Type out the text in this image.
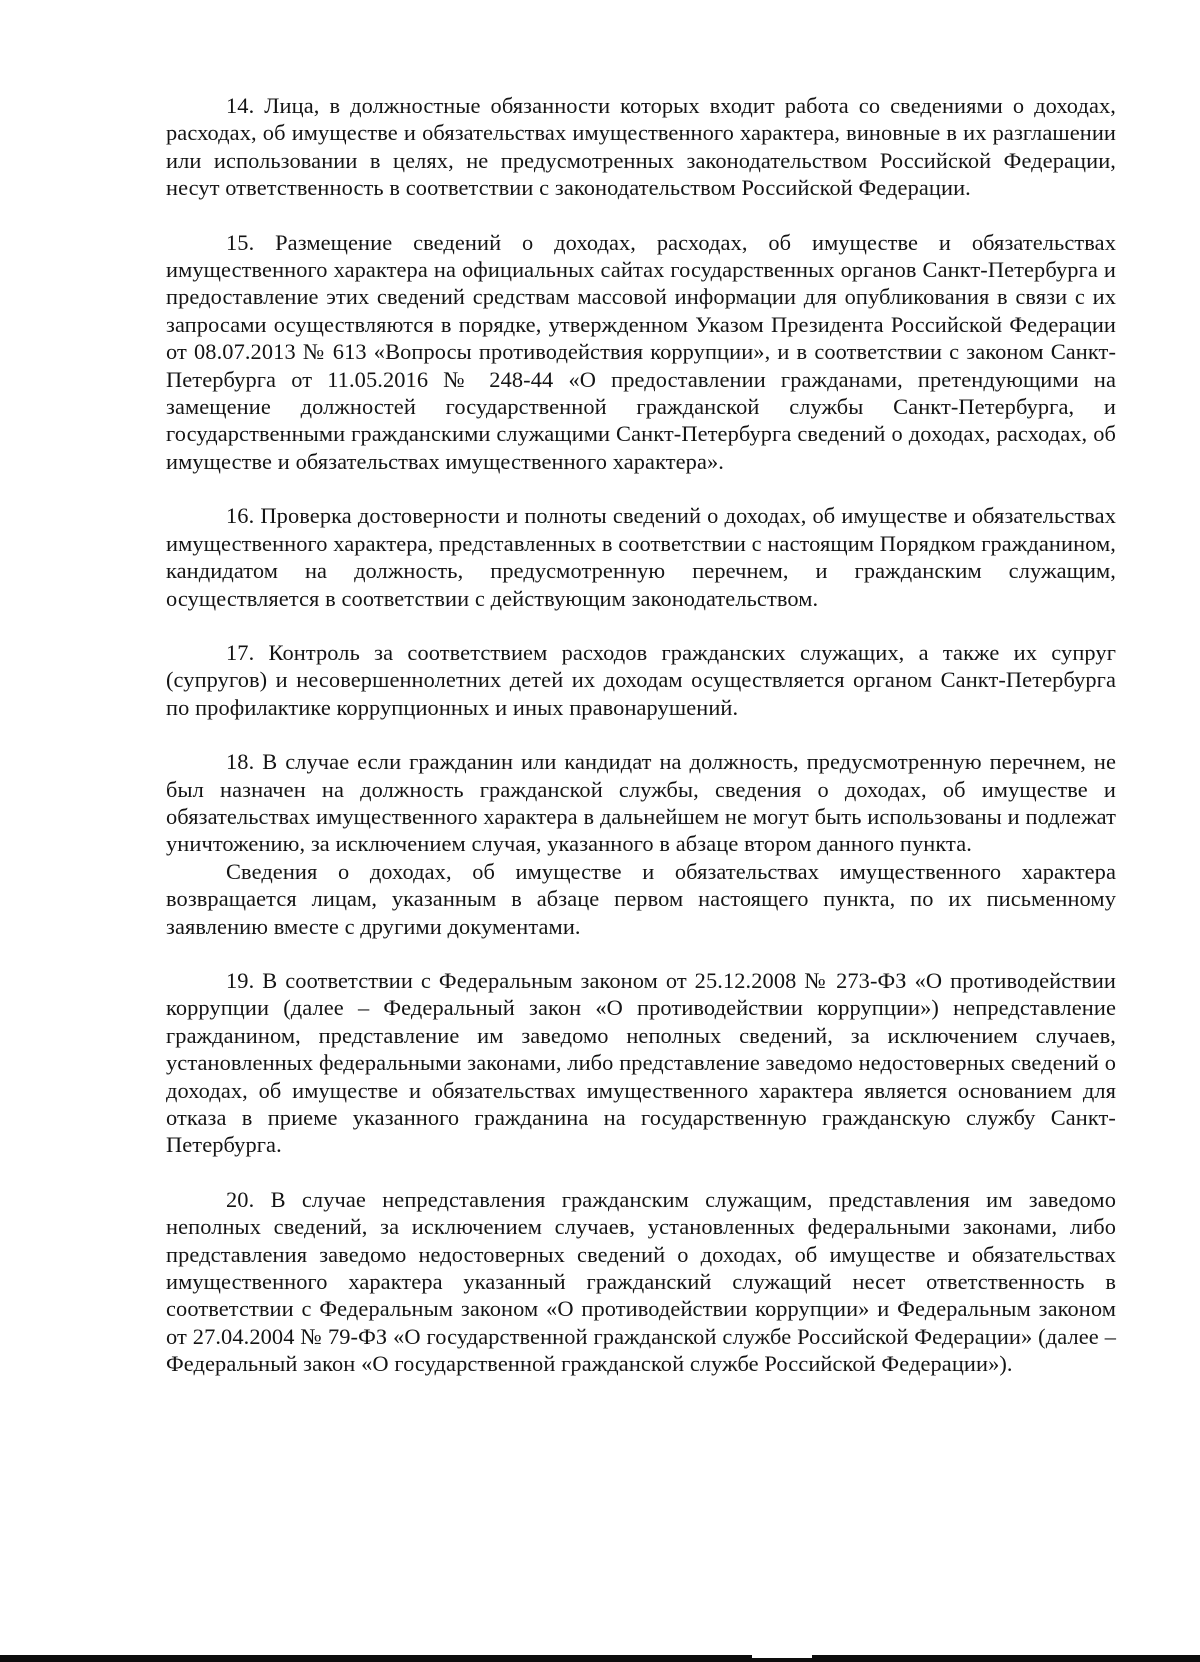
14. Лица, в должностные обязанности которых входит работа со сведениями о доходах, расходах, об имуществе и обязательствах имущественного характера, виновные в их разглашении или использовании в целях, не предусмотренных законодательством Российской Федерации, несут ответственность в соответствии с законодательством Российской Федерации.

15. Размещение сведений о доходах, расходах, об имуществе и обязательствах имущественного характера на официальных сайтах государственных органов Санкт-Петербурга и предоставление этих сведений средствам массовой информации для опубликования в связи с их запросами осуществляются в порядке, утвержденном Указом Президента Российской Федерации от 08.07.2013 № 613 «Вопросы противодействия коррупции», и в соответствии с законом Санкт-Петербурга от 11.05.2016 № 248-44 «О предоставлении гражданами, претендующими на замещение должностей государственной гражданской службы Санкт-Петербурга, и государственными гражданскими служащими Санкт-Петербурга сведений о доходах, расходах, об имуществе и обязательствах имущественного характера».

16. Проверка достоверности и полноты сведений о доходах, об имуществе и обязательствах имущественного характера, представленных в соответствии с настоящим Порядком гражданином, кандидатом на должность, предусмотренную перечнем, и гражданским служащим, осуществляется в соответствии с действующим законодательством.

17. Контроль за соответствием расходов гражданских служащих, а также их супруг (супругов) и несовершеннолетних детей их доходам осуществляется органом Санкт-Петербурга по профилактике коррупционных и иных правонарушений.

18. В случае если гражданин или кандидат на должность, предусмотренную перечнем, не был назначен на должность гражданской службы, сведения о доходах, об имуществе и обязательствах имущественного характера в дальнейшем не могут быть использованы и подлежат уничтожению, за исключением случая, указанного в абзаце втором данного пункта.

Сведения о доходах, об имуществе и обязательствах имущественного характера возвращается лицам, указанным в абзаце первом настоящего пункта, по их письменному заявлению вместе с другими документами.

19. В соответствии с Федеральным законом от 25.12.2008 № 273-ФЗ «О противодействии коррупции (далее – Федеральный закон «О противодействии коррупции») непредставление гражданином, представление им заведомо неполных сведений, за исключением случаев, установленных федеральными законами, либо представление заведомо недостоверных сведений о доходах, об имуществе и обязательствах имущественного характера является основанием для отказа в приеме указанного гражданина на государственную гражданскую службу Санкт-Петербурга.

20. В случае непредставления гражданским служащим, представления им заведомо неполных сведений, за исключением случаев, установленных федеральными законами, либо представления заведомо недостоверных сведений о доходах, об имуществе и обязательствах имущественного характера указанный гражданский служащий несет ответственность в соответствии с Федеральным законом «О противодействии коррупции» и Федеральным законом от 27.04.2004 № 79-ФЗ «О государственной гражданской службе Российской Федерации» (далее – Федеральный закон «О государственной гражданской службе Российской Федерации»).
